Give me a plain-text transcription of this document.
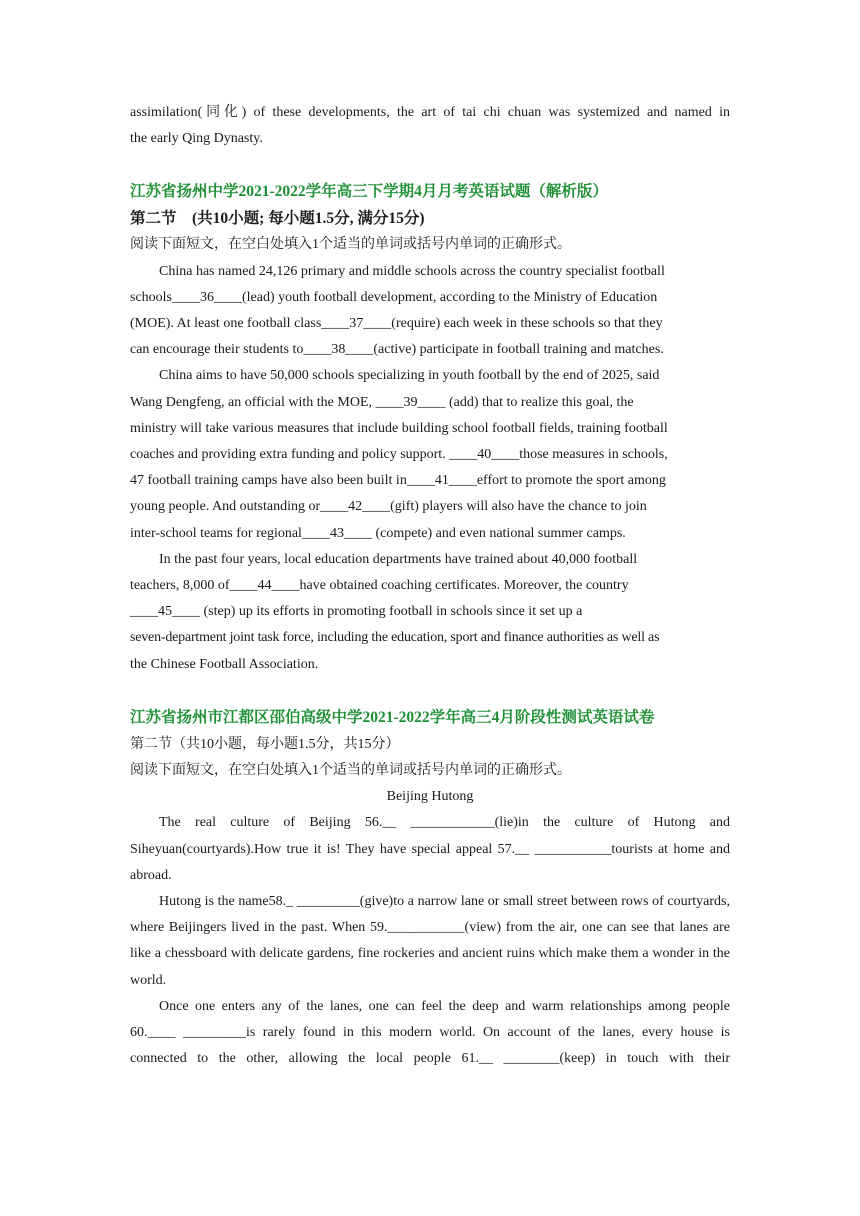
assimilation(同化) of these developments, the art of tai chi chuan was systemized and named in

the early Qing Dynasty.

江苏省扬州中学2021-2022学年高三下学期4月月考英语试题（解析版）

第二节　(共10小题; 每小题1.5分, 满分15分)

阅读下面短文，在空白处填入1个适当的单词或括号内单词的正确形式。

China has named 24,126 primary and middle schools across the country specialist football

schools____36____(lead) youth football development, according to the Ministry of Education

(MOE). At least one football class____37____(require) each week in these schools so that they

can encourage their students to____38____(active) participate in football training and matches.

China aims to have 50,000 schools specializing in youth football by the end of 2025, said

Wang Dengfeng, an official with the MOE, ____39____ (add) that to realize this goal, the

ministry will take various measures that include building school football fields, training football

coaches and providing extra funding and policy support. ____40____those measures in schools,

47 football training camps have also been built in____41____effort to promote the sport among

young people. And outstanding or____42____(gift) players will also have the chance to join

inter-school teams for regional____43____ (compete) and even national summer camps.

In the past four years, local education departments have trained about 40,000 football

teachers, 8,000 of____44____have obtained coaching certificates. Moreover, the country

____45____ (step) up its efforts in promoting football in schools since it set up a

seven-department joint task force, including the education, sport and finance authorities as well as

the Chinese Football Association.

江苏省扬州市江都区邵伯高级中学2021-2022学年高三4月阶段性测试英语试卷

第二节（共10小题，每小题1.5分，共15分）

阅读下面短文，在空白处填入1个适当的单词或括号内单词的正确形式。

Beijing Hutong

The real culture of Beijing 56.__ ____________(lie)in the culture of Hutong and Siheyuan(courtyards).How true it is! They have special appeal 57.__ ___________tourists at home and abroad.

Hutong is the name58._ _________(give)to a narrow lane or small street between rows of courtyards, where Beijingers lived in the past. When 59.___________(view) from the air, one can see that lanes are like a chessboard with delicate gardens, fine rockeries and ancient ruins which make them a wonder in the world.

Once one enters any of the lanes, one can feel the deep and warm relationships among people 60.____ _________is rarely found in this modern world. On account of the lanes, every house is connected to the other, allowing the local people 61.__ ________(keep) in touch with their
